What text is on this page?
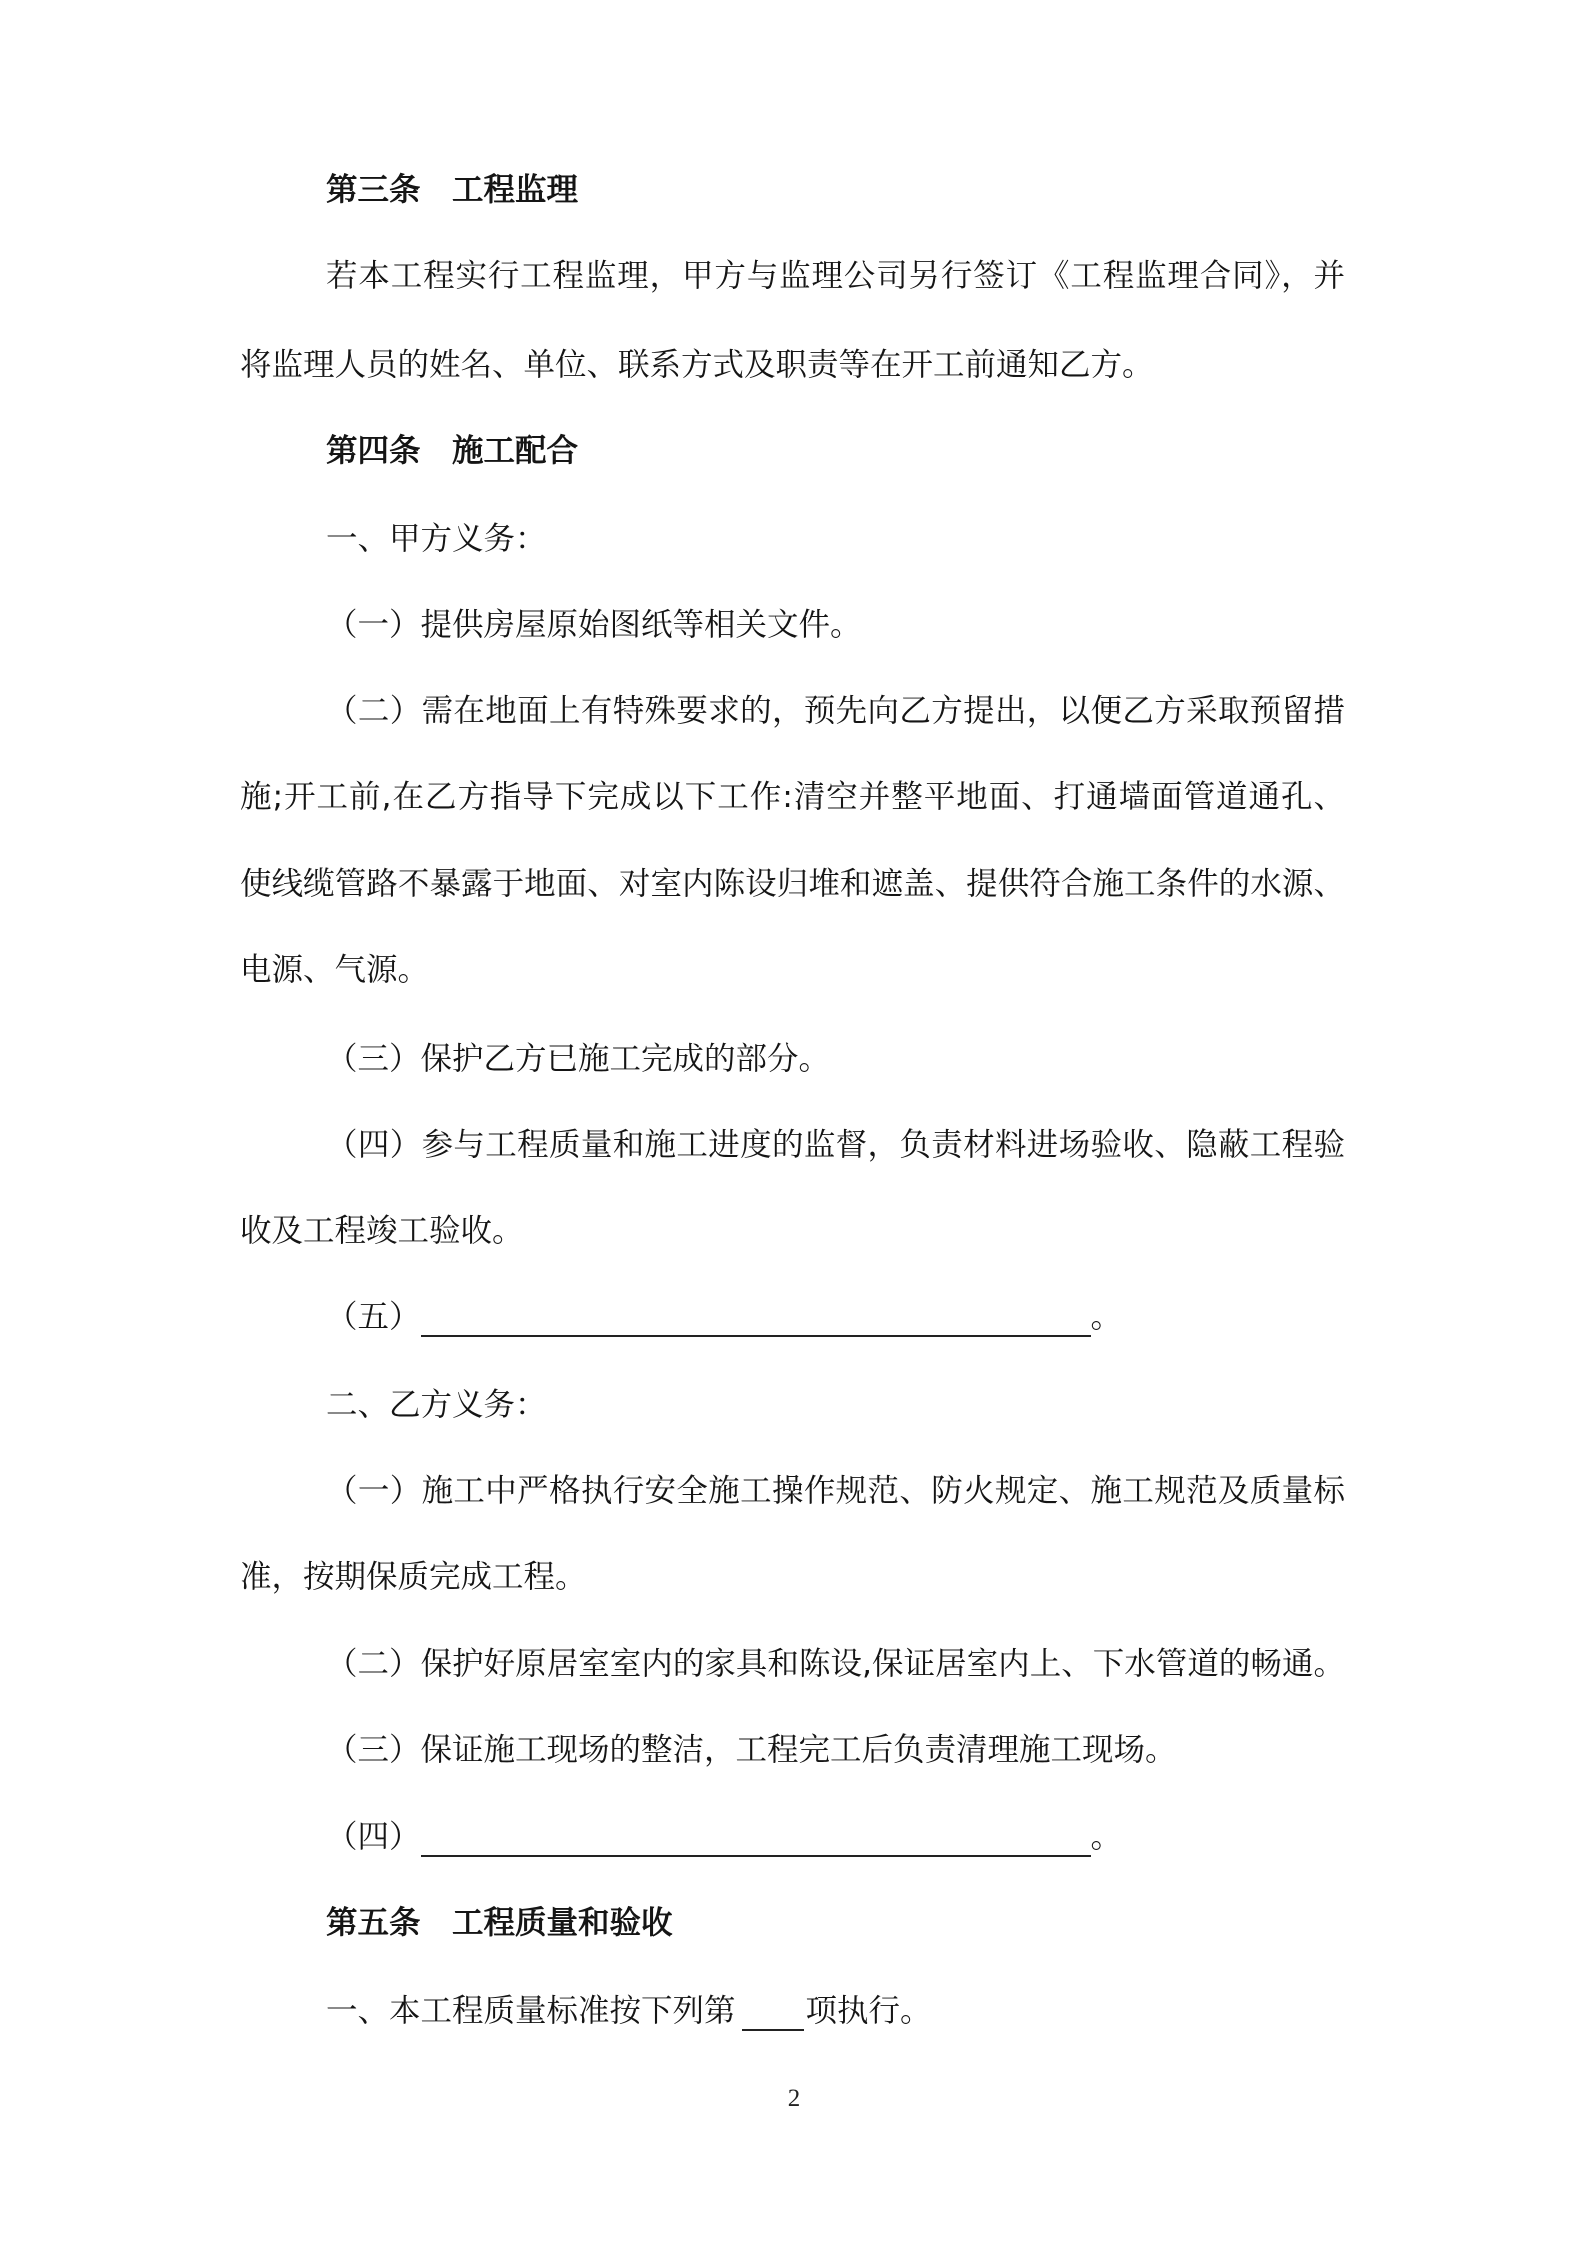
第三条　工程监理
若本工程实行工程监理，甲方与监理公司另行签订《工程监理合同》，并
将监理人员的姓名、单位、联系方式及职责等在开工前通知乙方。
第四条　施工配合
一、甲方义务：
（一）提供房屋原始图纸等相关文件。
（二）需在地面上有特殊要求的，预先向乙方提出，以便乙方采取预留措
施;开工前,在乙方指导下完成以下工作:清空并整平地面、打通墙面管道通孔、
使线缆管路不暴露于地面、对室内陈设归堆和遮盖、提供符合施工条件的水源、
电源、气源。
（三）保护乙方已施工完成的部分。
（四）参与工程质量和施工进度的监督，负责材料进场验收、隐蔽工程验
收及工程竣工验收。
（五）	。
二、乙方义务：
（一）施工中严格执行安全施工操作规范、防火规定、施工规范及质量标
准，按期保质完成工程。
（二）保护好原居室室内的家具和陈设,保证居室内上、下水管道的畅通。
（三）保证施工现场的整洁，工程完工后负责清理施工现场。
（四）	。
第五条　工程质量和验收
一、本工程质量标准按下列第 项执行。
2
